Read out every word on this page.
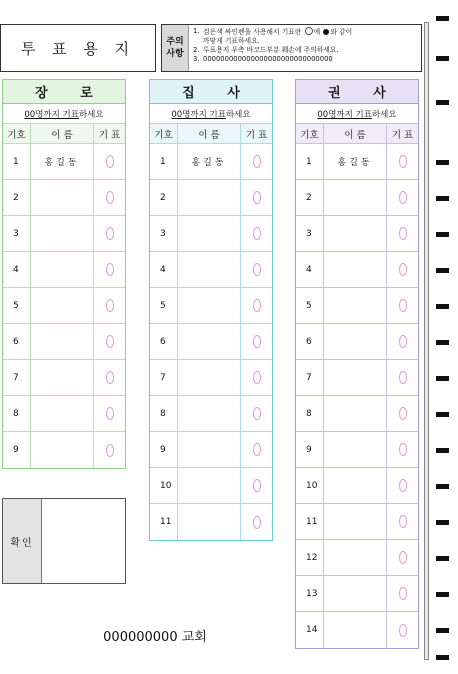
투 표 용 지	주의
사항
1. 검은색 싸인펜을 사용해서 기표란 에 와 같이
까맣게 기표하세요.
2. 투표용지 우측 바코드부분 훼손에 주의하세요.
3. 000000000000000000000000000000
장 로
00명까지 기표 하세요
기호	이 름	기 표
1	홍길동
2
3
4
5
6
7
8
9
집 사
00명까지 기표 하세요
기호	이 름	기 표
1	홍길동
2
3
4
5
6
7
8
9
10
11
권 사
00명까지 기표 하세요
기호	이 름	기 표
1	홍길동
2
3
4
5
6
7
8
9
10
11
12
13
14
확인
000000000 교회
